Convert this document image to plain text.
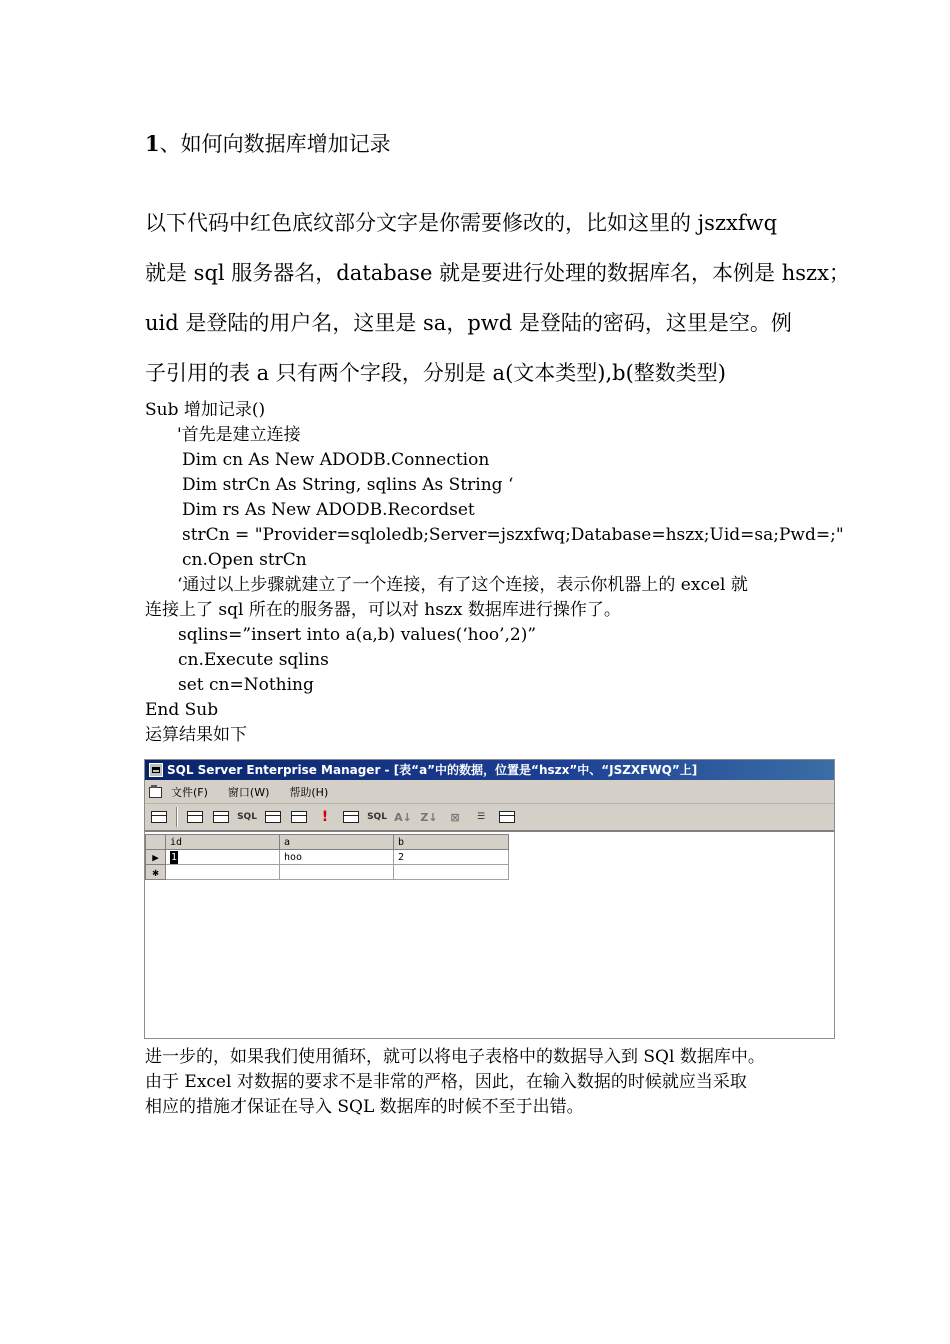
1、如何向数据库增加记录
以下代码中红色底纹部分文字是你需要修改的，比如这里的 jszxfwq
就是 sql 服务器名，database 就是要进行处理的数据库名，本例是 hszx；
uid 是登陆的用户名，这里是 sa，pwd 是登陆的密码，这里是空。例
子引用的表 a 只有两个字段，分别是 a(文本类型),b(整数类型)
Sub 增加记录()
'首先是建立连接
Dim cn As New ADODB.Connection
Dim strCn As String, sqlins As String ‘
Dim rs As New ADODB.Recordset
strCn = "Provider=sqloledb;Server=jszxfwq;Database=hszx;Uid=sa;Pwd=;"
cn.Open strCn
‘通过以上步骤就建立了一个连接，有了这个连接，表示你机器上的 excel 就
连接上了 sql 所在的服务器，可以对 hszx 数据库进行操作了。
sqlins=”insert into a(a,b) values(‘hoo’,2)”
cn.Execute sqlins
set cn=Nothing
End Sub
运算结果如下
SQL Server Enterprise Manager - [表“a”中的数据，位置是“hszx”中、“JSZXFWQ”上]
文件(F) 窗口(W) 帮助(H)
SQL	!	SQL A↓ Z↓	⊠	☰
	id	a	b
▶	1	hoo	2
✱			
进一步的，如果我们使用循环，就可以将电子表格中的数据导入到 SQl 数据库中。
由于 Excel 对数据的要求不是非常的严格，因此，在输入数据的时候就应当采取
相应的措施才保证在导入 SQL 数据库的时候不至于出错。
